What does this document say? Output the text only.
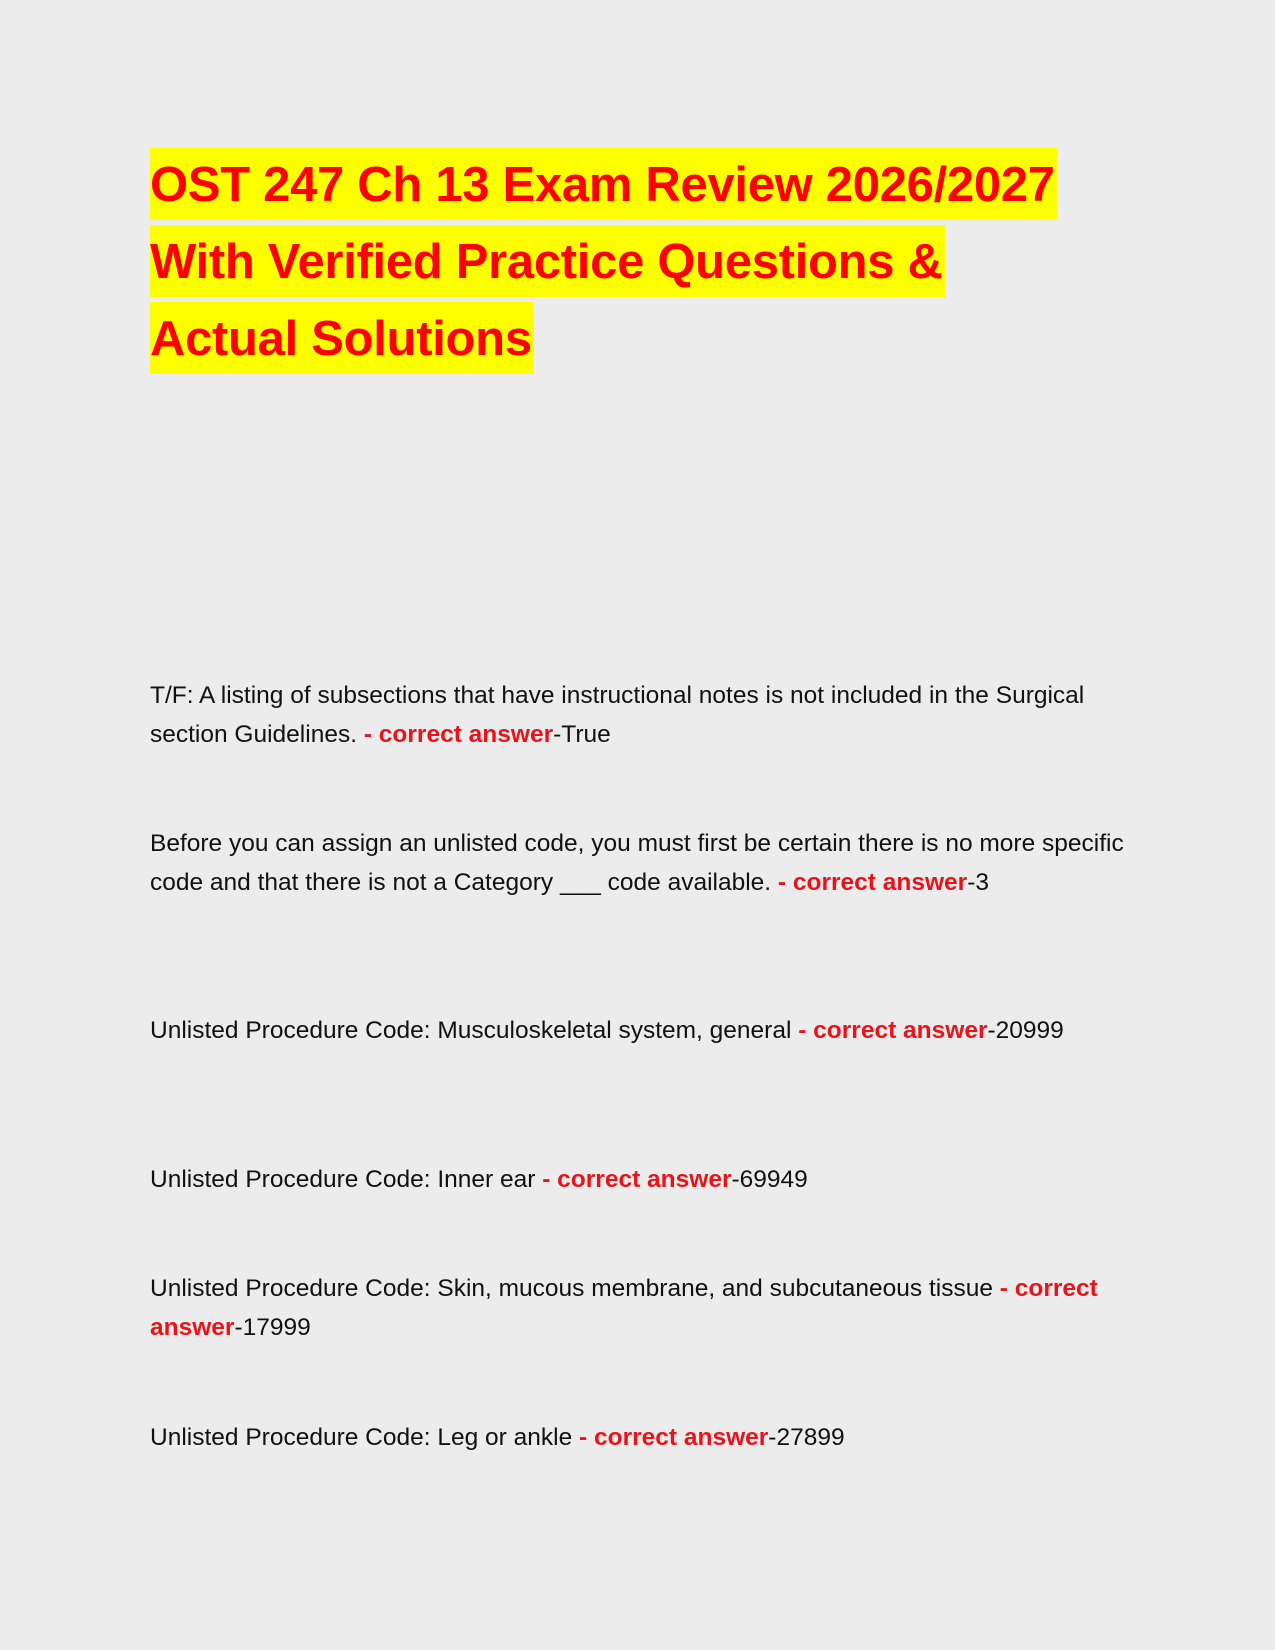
OST 247 Ch 13 Exam Review 2026/2027
With Verified Practice Questions &
Actual Solutions
T/F: A listing of subsections that have instructional notes is not included in the Surgical section Guidelines. - correct answer-True
Before you can assign an unlisted code, you must first be certain there is no more specific code and that there is not a Category ___ code available. - correct answer-3
Unlisted Procedure Code: Musculoskeletal system, general - correct answer-20999
Unlisted Procedure Code: Inner ear - correct answer-69949
Unlisted Procedure Code: Skin, mucous membrane, and subcutaneous tissue - correct answer-17999
Unlisted Procedure Code: Leg or ankle - correct answer-27899
